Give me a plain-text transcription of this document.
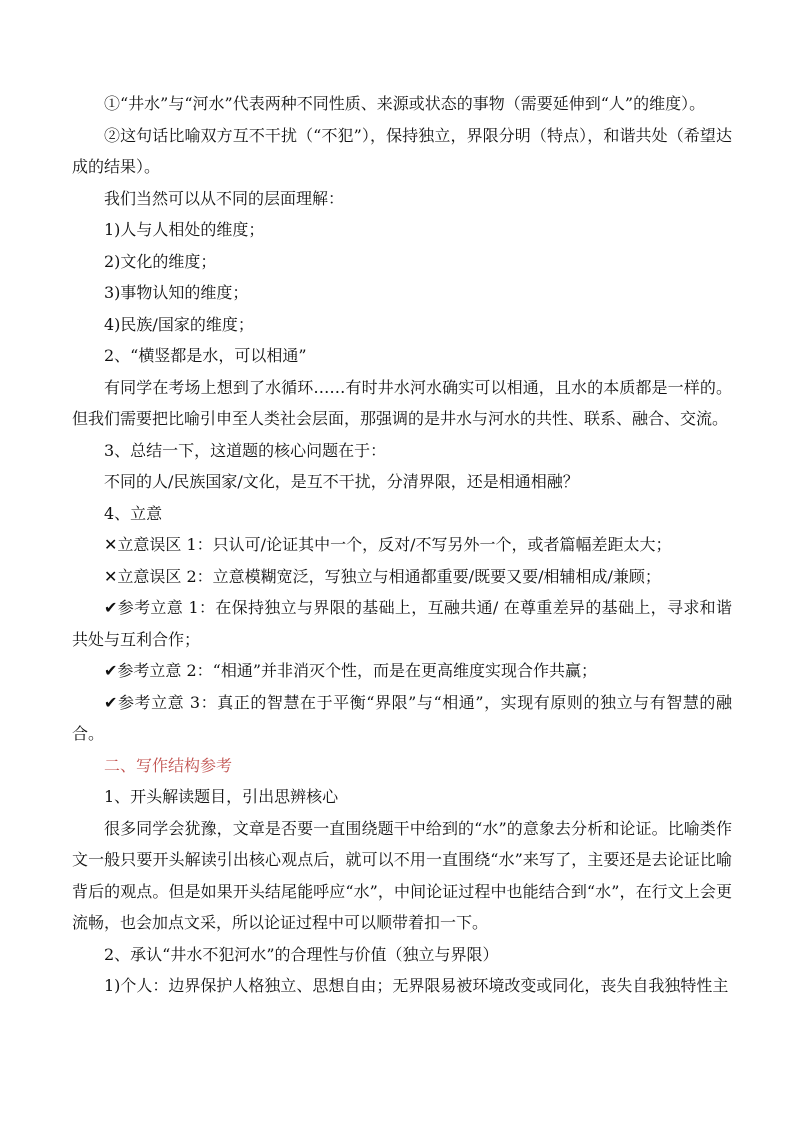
①“井水”与“河水”代表两种不同性质、来源或状态的事物（需要延伸到“人”的维度）。

②这句话比喻双方互不干扰（“不犯”），保持独立，界限分明（特点），和谐共处（希望达成的结果）。

我们当然可以从不同的层面理解：

1)人与人相处的维度；

2)文化的维度；

3)事物认知的维度；

4)民族/国家的维度；

2、“横竖都是水，可以相通”

有同学在考场上想到了水循环……有时井水河水确实可以相通，且水的本质都是一样的。但我们需要把比喻引申至人类社会层面，那强调的是井水与河水的共性、联系、融合、交流。

3、总结一下，这道题的核心问题在于：

不同的人/民族国家/文化，是互不干扰，分清界限，还是相通相融？

4、立意

✕立意误区 1：只认可/论证其中一个，反对/不写另外一个，或者篇幅差距太大；

✕立意误区 2：立意模糊宽泛，写独立与相通都重要/既要又要/相辅相成/兼顾；

✔参考立意 1：在保持独立与界限的基础上，互融共通/ 在尊重差异的基础上，寻求和谐共处与互利合作；

✔参考立意 2：“相通”并非消灭个性，而是在更高维度实现合作共赢；

✔参考立意 3：真正的智慧在于平衡“界限”与“相通”，实现有原则的独立与有智慧的融合。

二、写作结构参考

1、开头解读题目，引出思辨核心

很多同学会犹豫，文章是否要一直围绕题干中给到的“水”的意象去分析和论证。比喻类作文一般只要开头解读引出核心观点后，就可以不用一直围绕“水”来写了，主要还是去论证比喻背后的观点。但是如果开头结尾能呼应“水”，中间论证过程中也能结合到“水”，在行文上会更流畅，也会加点文采，所以论证过程中可以顺带着扣一下。

2、承认“井水不犯河水”的合理性与价值（独立与界限）

1)个人：边界保护人格独立、思想自由；无界限易被环境改变或同化，丧失自我独特性主
